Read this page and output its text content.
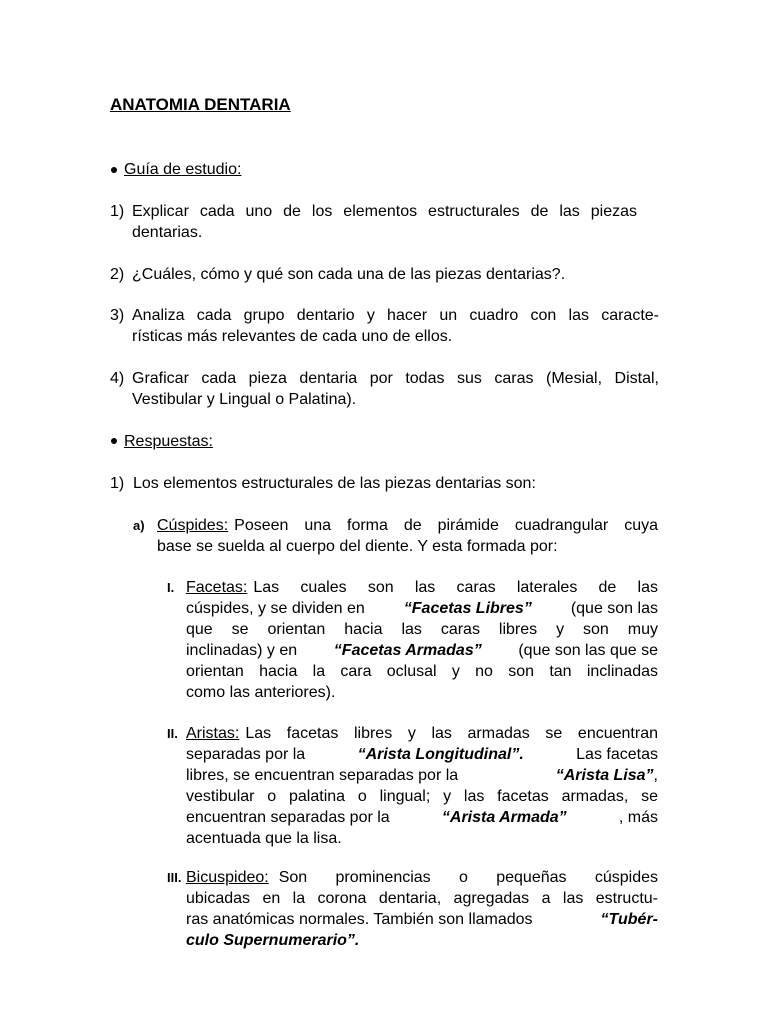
ANATOMIA DENTARIA
Guía de estudio:
1) Explicar cada uno de los elementos estructurales de las piezas
dentarias.
2) ¿Cuáles, cómo y qué son cada una de las piezas dentarias?.
3) Analiza cada grupo dentario y hacer un cuadro con las caracte-
rísticas más relevantes de cada uno de ellos.
4) Graficar cada pieza dentaria por todas sus caras (Mesial, Distal,
Vestibular y Lingual o Palatina).
Respuestas:
1) Los elementos estructurales de las piezas dentarias son:
a) Cúspides: Poseen una forma de pirámide cuadrangular cuya
base se suelda al cuerpo del diente. Y esta formada por:
I. Facetas: Las cuales son las caras laterales de las
cúspides, y se dividen en “Facetas Libres” (que son las
que se orientan hacia las caras libres y son muy
inclinadas) y en “Facetas Armadas” (que son las que se
orientan hacia la cara oclusal y no son tan inclinadas
como las anteriores).
II. Aristas: Las facetas libres y las armadas se encuentran
separadas por la	“Arista Longitudinal”.	Las facetas
libres, se encuentran separadas por la	“Arista Lisa”,
vestibular o palatina o lingual; y las facetas armadas, se
encuentran separadas por la	“Arista Armada”	, más
acentuada que la lisa.
III. Bicuspideo: Son prominencias o pequeñas cúspides
ubicadas en la corona dentaria, agregadas a las estructu-
ras anatómicas normales. También son llamados	“Tubér-
culo Supernumerario”.
